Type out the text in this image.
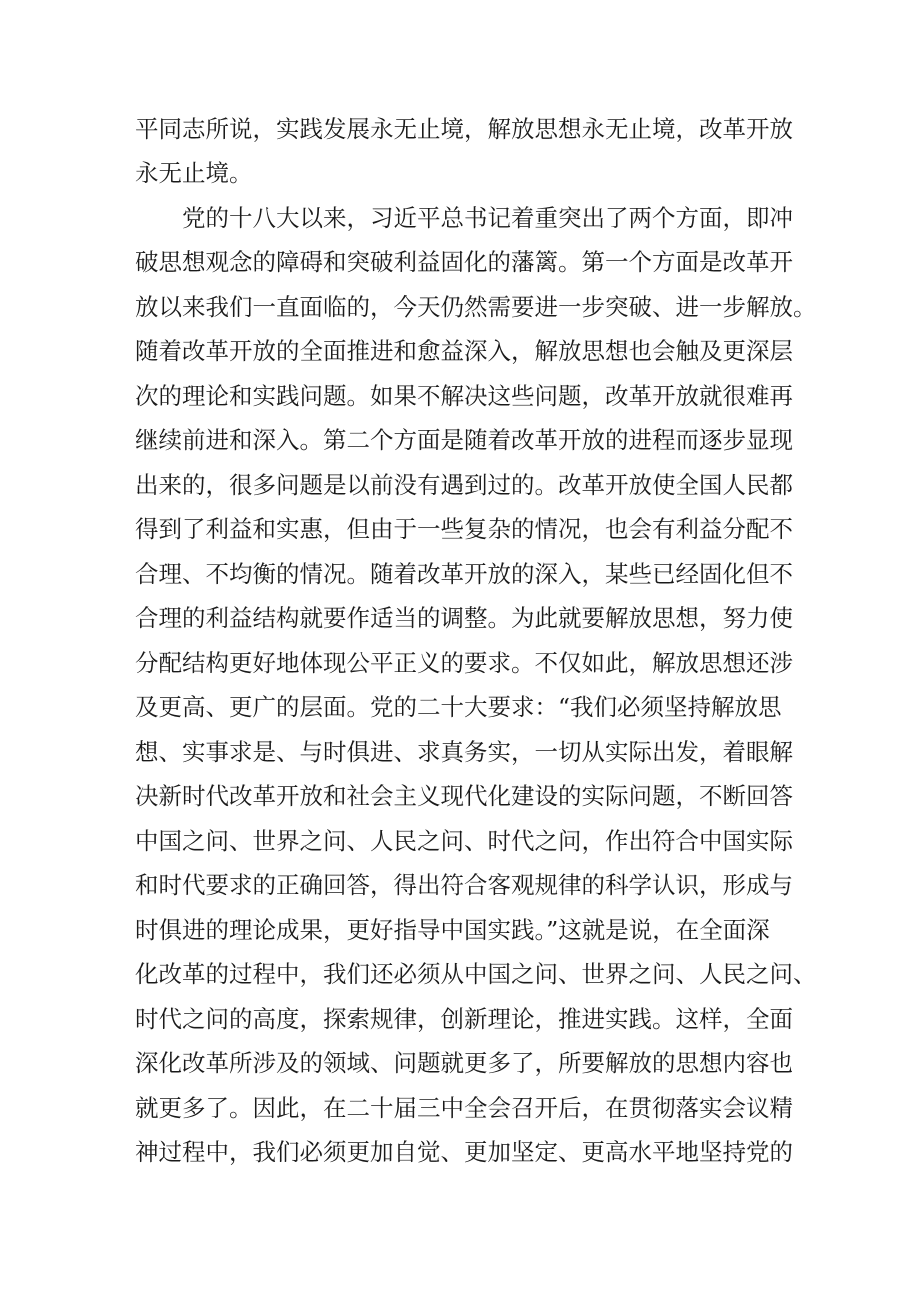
平同志所说，实践发展永无止境，解放思想永无止境，改革开放
永无止境。
　　党的十八大以来，习近平总书记着重突出了两个方面，即冲
破思想观念的障碍和突破利益固化的藩篱。第一个方面是改革开
放以来我们一直面临的，今天仍然需要进一步突破、进一步解放。
随着改革开放的全面推进和愈益深入，解放思想也会触及更深层
次的理论和实践问题。如果不解决这些问题，改革开放就很难再
继续前进和深入。第二个方面是随着改革开放的进程而逐步显现
出来的，很多问题是以前没有遇到过的。改革开放使全国人民都
得到了利益和实惠，但由于一些复杂的情况，也会有利益分配不
合理、不均衡的情况。随着改革开放的深入，某些已经固化但不
合理的利益结构就要作适当的调整。为此就要解放思想，努力使
分配结构更好地体现公平正义的要求。不仅如此，解放思想还涉
及更高、更广的层面。党的二十大要求：“我们必须坚持解放思
想、实事求是、与时俱进、求真务实，一切从实际出发，着眼解
决新时代改革开放和社会主义现代化建设的实际问题，不断回答
中国之问、世界之问、人民之问、时代之问，作出符合中国实际
和时代要求的正确回答，得出符合客观规律的科学认识，形成与
时俱进的理论成果，更好指导中国实践。”这就是说，在全面深
化改革的过程中，我们还必须从中国之问、世界之问、人民之问、
时代之问的高度，探索规律，创新理论，推进实践。这样，全面
深化改革所涉及的领域、问题就更多了，所要解放的思想内容也
就更多了。因此，在二十届三中全会召开后，在贯彻落实会议精
神过程中，我们必须更加自觉、更加坚定、更高水平地坚持党的
